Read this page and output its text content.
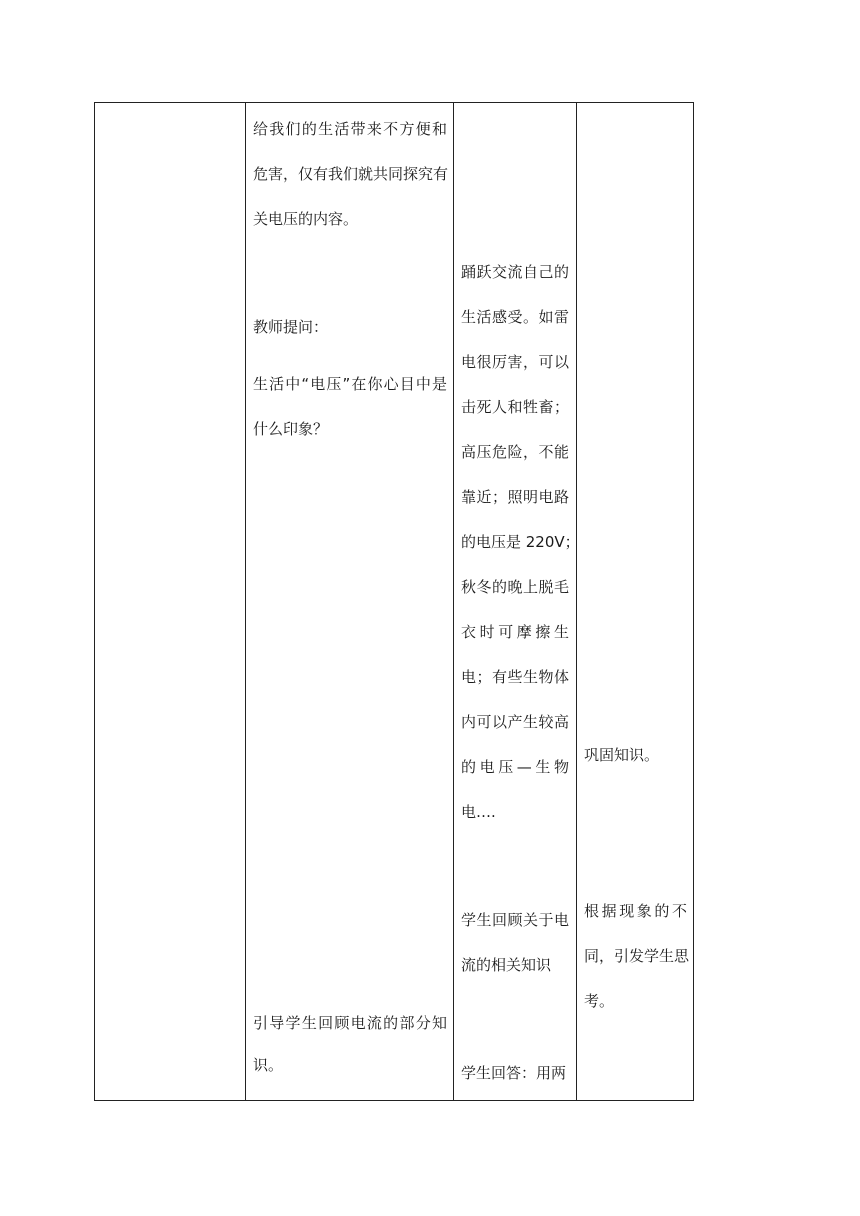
给我们的生活带来不方便和
危害，仅有我们就共同探究有
关电压的内容。
教师提问：
生活中“电压”在你心目中是
什么印象？
引导学生回顾电流的部分知
识。
踊跃交流自己的
生活感受。如雷
电很厉害，可以
击死人和牲畜；
高压危险，不能
靠近；照明电路
的电压是 220V；
秋冬的晚上脱毛
衣时可摩擦生
电；有些生物体
内可以产生较高
的电压—生物
电….
学生回顾关于电
流的相关知识
学生回答：用两
巩固知识。
根据现象的不
同，引发学生思
考。
